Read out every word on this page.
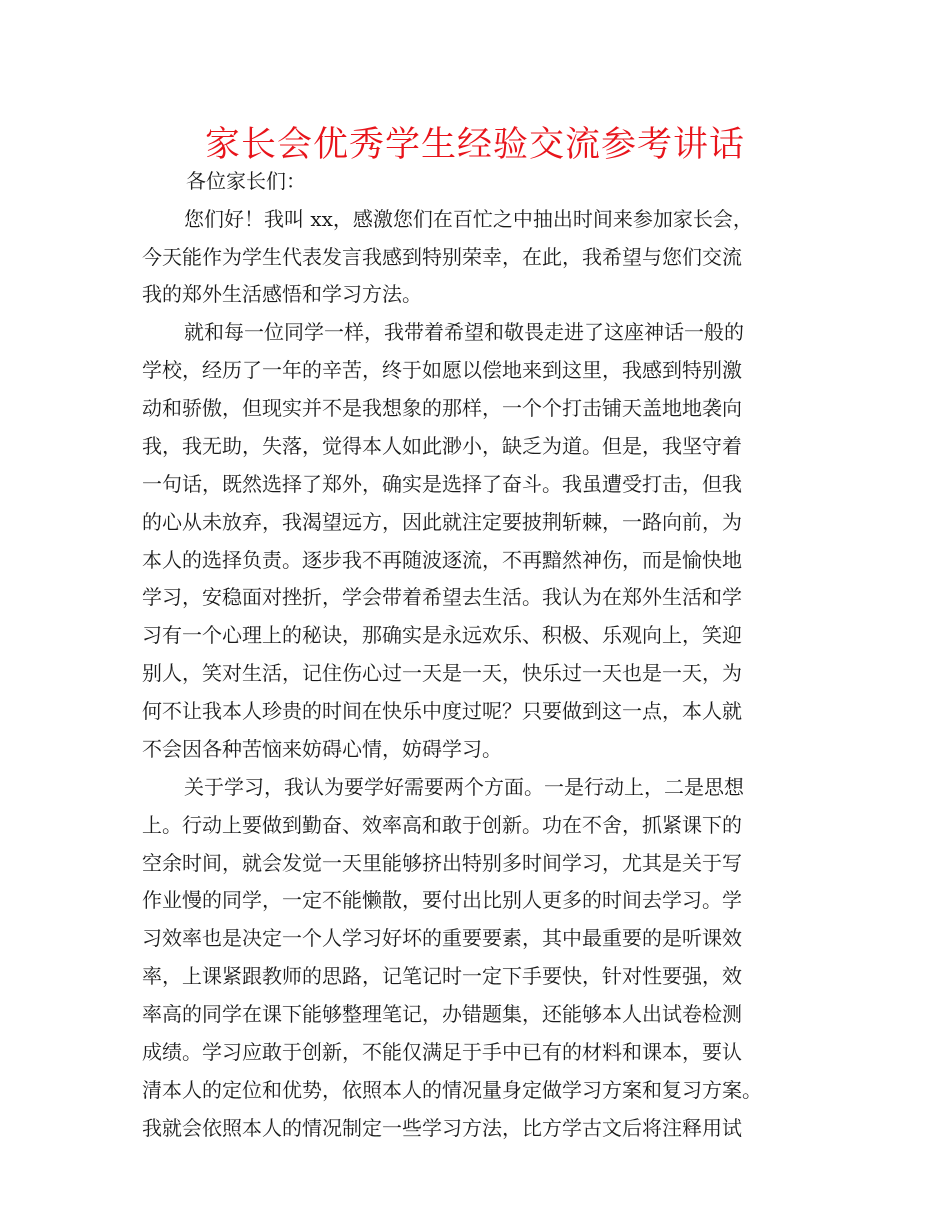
家长会优秀学生经验交流参考讲话
各位家长们：
您们好！我叫 xx，感激您们在百忙之中抽出时间来参加家长会，
今天能作为学生代表发言我感到特别荣幸，在此，我希望与您们交流
我的郑外生活感悟和学习方法。
就和每一位同学一样，我带着希望和敬畏走进了这座神话一般的
学校，经历了一年的辛苦，终于如愿以偿地来到这里，我感到特别激
动和骄傲，但现实并不是我想象的那样，一个个打击铺天盖地地袭向
我，我无助，失落，觉得本人如此渺小，缺乏为道。但是，我坚守着
一句话，既然选择了郑外，确实是选择了奋斗。我虽遭受打击，但我
的心从未放弃，我渴望远方，因此就注定要披荆斩棘，一路向前，为
本人的选择负责。逐步我不再随波逐流，不再黯然神伤，而是愉快地
学习，安稳面对挫折，学会带着希望去生活。我认为在郑外生活和学
习有一个心理上的秘诀，那确实是永远欢乐、积极、乐观向上，笑迎
别人，笑对生活，记住伤心过一天是一天，快乐过一天也是一天，为
何不让我本人珍贵的时间在快乐中度过呢？只要做到这一点，本人就
不会因各种苦恼来妨碍心情，妨碍学习。
关于学习，我认为要学好需要两个方面。一是行动上，二是思想
上。行动上要做到勤奋、效率高和敢于创新。功在不舍，抓紧课下的
空余时间，就会发觉一天里能够挤出特别多时间学习，尤其是关于写
作业慢的同学，一定不能懒散，要付出比别人更多的时间去学习。学
习效率也是决定一个人学习好坏的重要要素，其中最重要的是听课效
率，上课紧跟教师的思路，记笔记时一定下手要快，针对性要强，效
率高的同学在课下能够整理笔记，办错题集，还能够本人出试卷检测
成绩。学习应敢于创新，不能仅满足于手中已有的材料和课本，要认
清本人的定位和优势，依照本人的情况量身定做学习方案和复习方案。
我就会依照本人的情况制定一些学习方法，比方学古文后将注释用试
